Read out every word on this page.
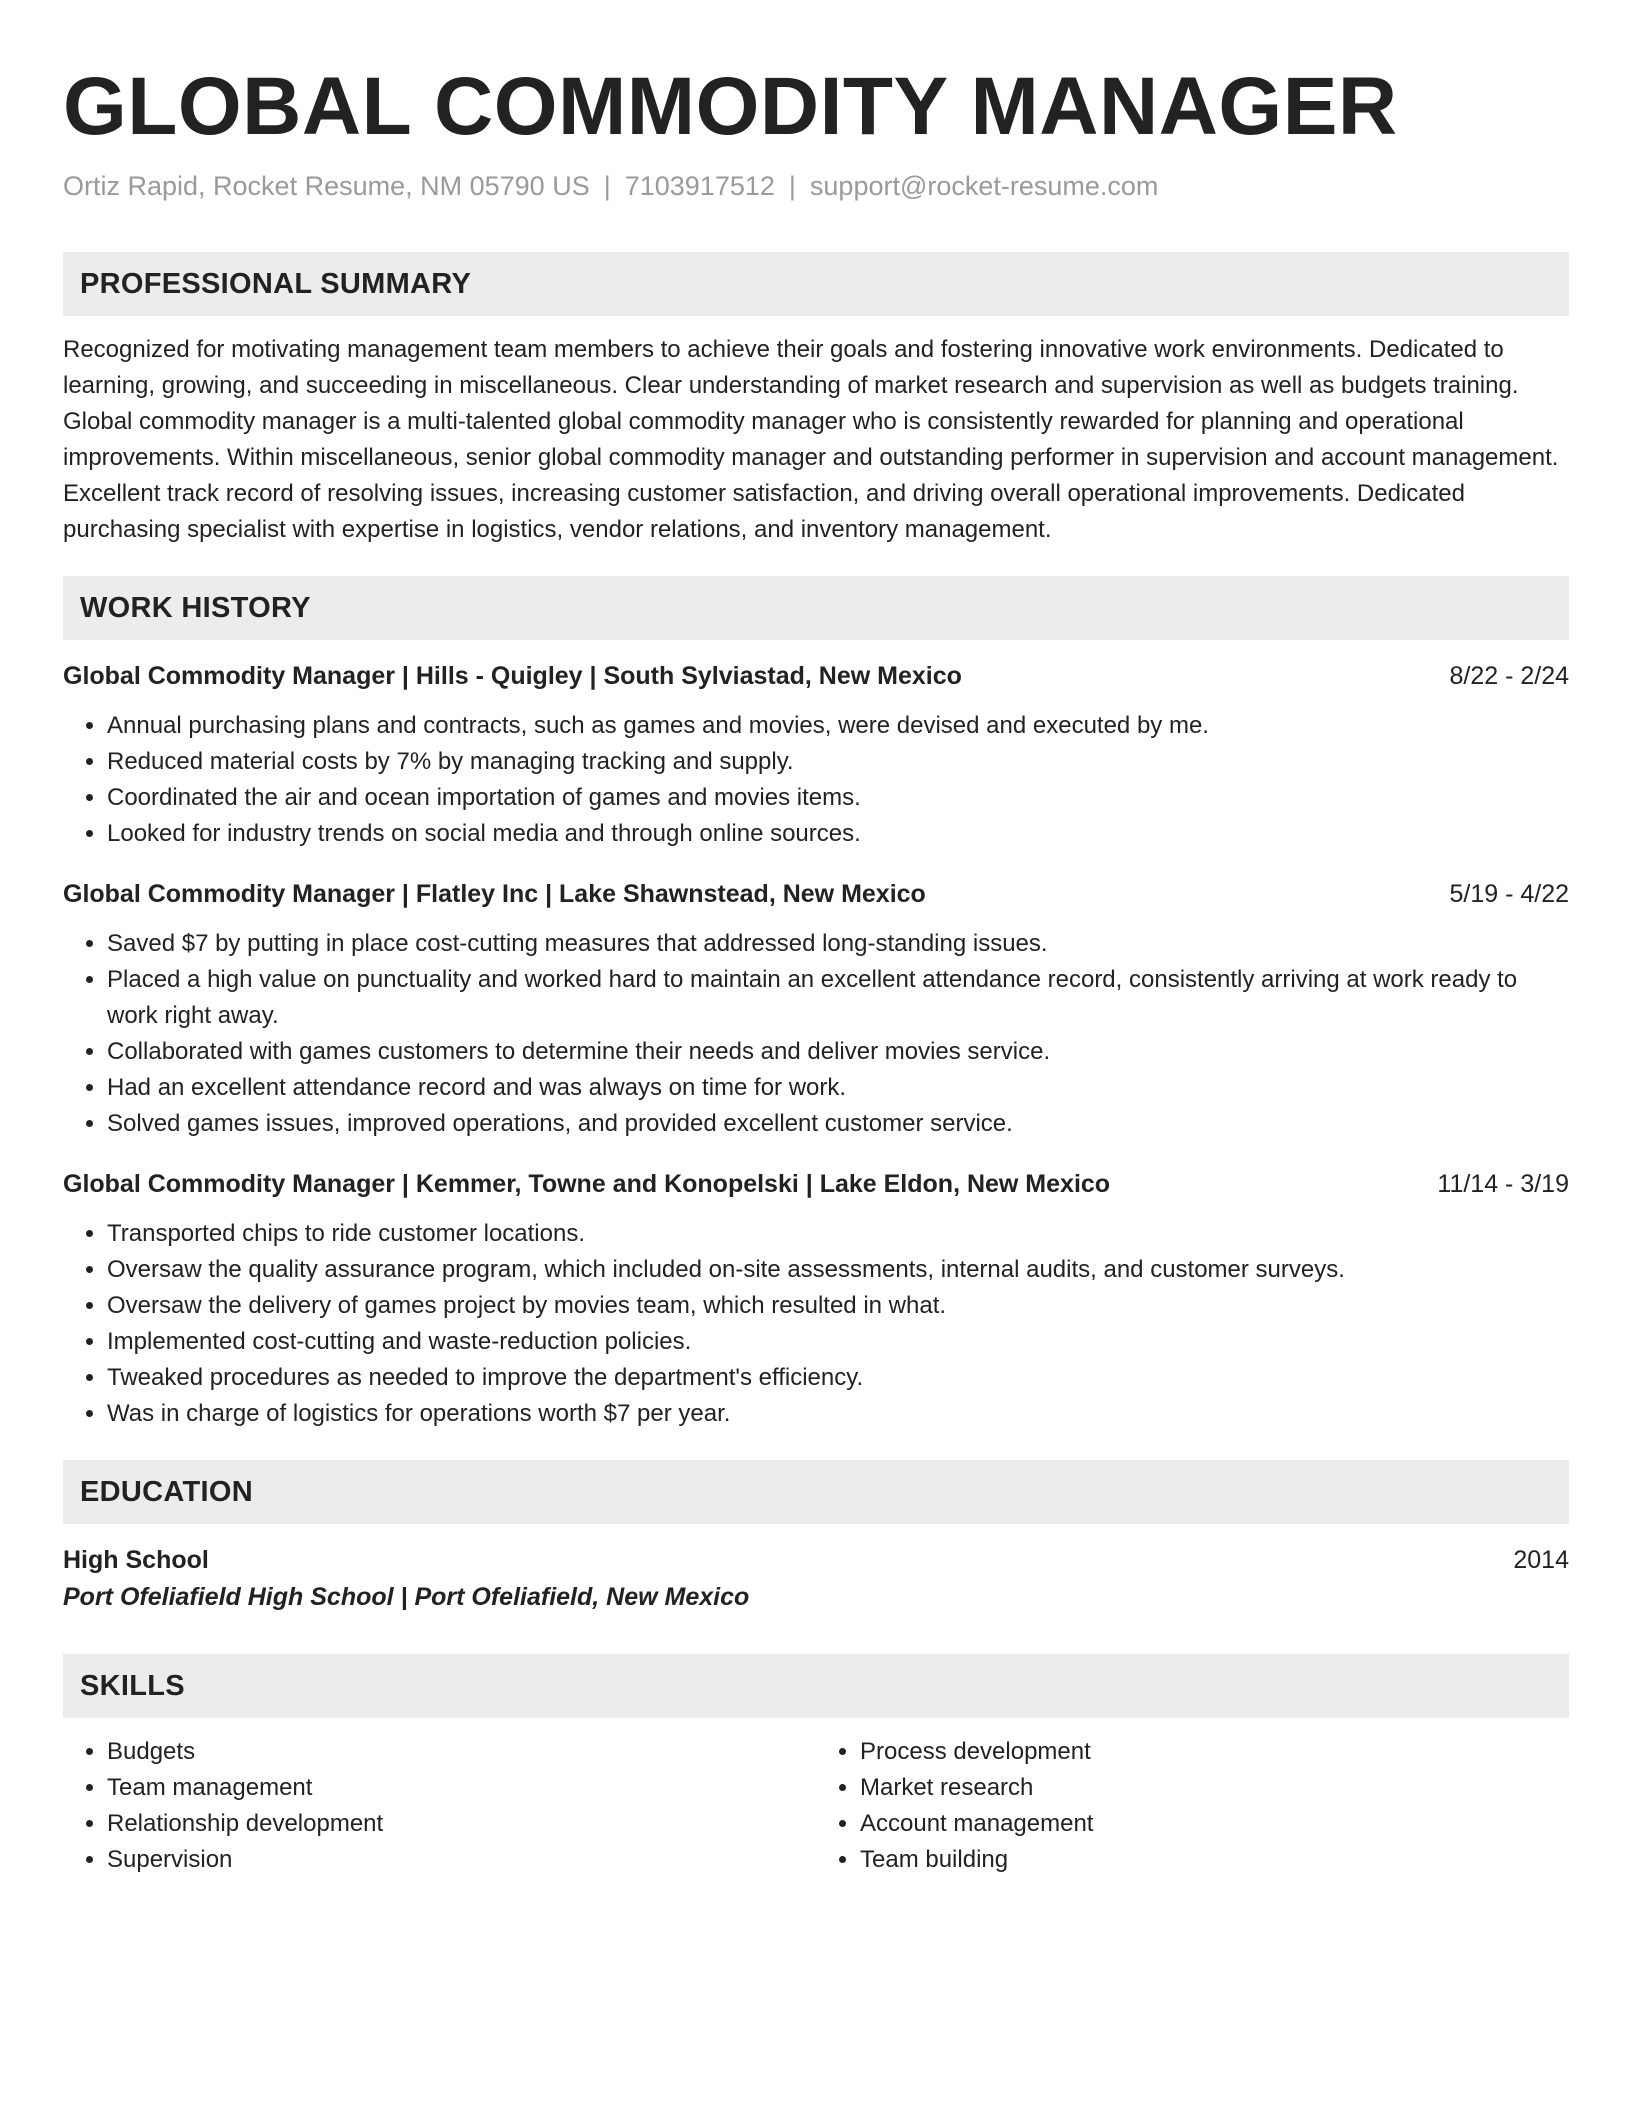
GLOBAL COMMODITY MANAGER
Ortiz Rapid, Rocket Resume, NM 05790 US | 7103917512 | support@rocket-resume.com
PROFESSIONAL SUMMARY
Recognized for motivating management team members to achieve their goals and fostering innovative work environments. Dedicated to learning, growing, and succeeding in miscellaneous. Clear understanding of market research and supervision as well as budgets training. Global commodity manager is a multi-talented global commodity manager who is consistently rewarded for planning and operational improvements. Within miscellaneous, senior global commodity manager and outstanding performer in supervision and account management. Excellent track record of resolving issues, increasing customer satisfaction, and driving overall operational improvements. Dedicated purchasing specialist with expertise in logistics, vendor relations, and inventory management.
WORK HISTORY
Global Commodity Manager | Hills - Quigley | South Sylviastad, New Mexico	8/22 - 2/24
• Annual purchasing plans and contracts, such as games and movies, were devised and executed by me.
• Reduced material costs by 7% by managing tracking and supply.
• Coordinated the air and ocean importation of games and movies items.
• Looked for industry trends on social media and through online sources.
Global Commodity Manager | Flatley Inc | Lake Shawnstead, New Mexico	5/19 - 4/22
• Saved $7 by putting in place cost-cutting measures that addressed long-standing issues.
• Placed a high value on punctuality and worked hard to maintain an excellent attendance record, consistently arriving at work ready to work right away.
• Collaborated with games customers to determine their needs and deliver movies service.
• Had an excellent attendance record and was always on time for work.
• Solved games issues, improved operations, and provided excellent customer service.
Global Commodity Manager | Kemmer, Towne and Konopelski | Lake Eldon, New Mexico	11/14 - 3/19
• Transported chips to ride customer locations.
• Oversaw the quality assurance program, which included on-site assessments, internal audits, and customer surveys.
• Oversaw the delivery of games project by movies team, which resulted in what.
• Implemented cost-cutting and waste-reduction policies.
• Tweaked procedures as needed to improve the department's efficiency.
• Was in charge of logistics for operations worth $7 per year.
EDUCATION
High School	2014
Port Ofeliafield High School | Port Ofeliafield, New Mexico
SKILLS
• Budgets
• Team management
• Relationship development
• Supervision
• Process development
• Market research
• Account management
• Team building
